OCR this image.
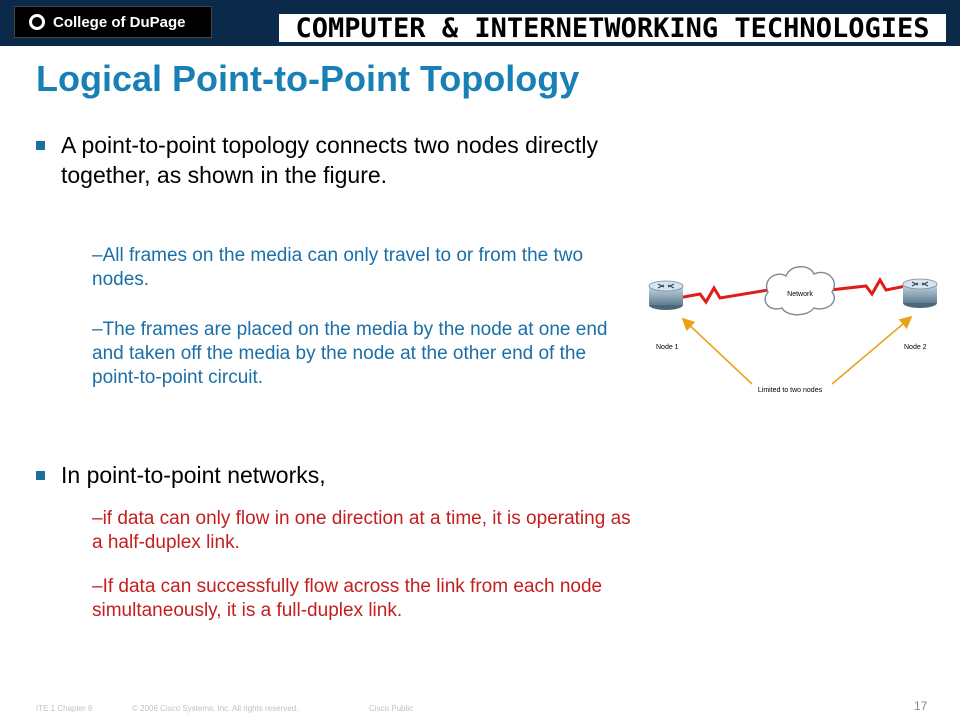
College of DuPage	COMPUTER & INTERNETWORKING TECHNOLOGIES
Logical Point-to-Point Topology
A point-to-point topology connects two nodes directly together, as shown in the figure.
–All frames on the media can only travel to or from the two nodes.
–The frames are placed on the media by the node at one end and taken off the media by the node at the other end of the point-to-point circuit.
In point-to-point networks,
–if data can only flow in one direction at a time, it is operating as a half-duplex link.
–If data can successfully flow across the link from each node simultaneously, it is a full-duplex link.
Network
Node 1	Node 2
Limited to two nodes
ITE 1 Chapter 6	© 2006 Cisco Systems, Inc. All rights reserved.	Cisco Public	17
